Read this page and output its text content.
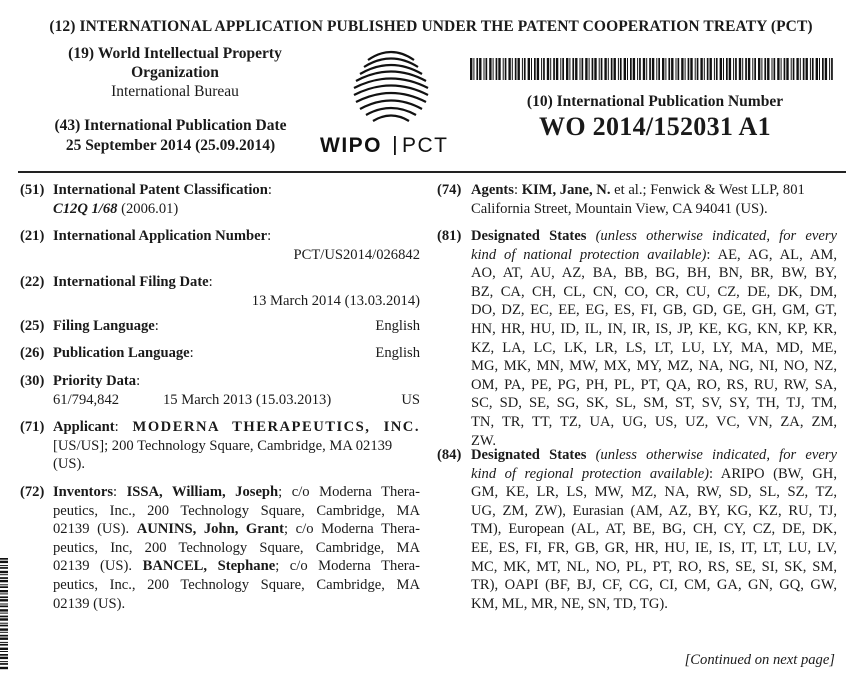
(12) INTERNATIONAL APPLICATION PUBLISHED UNDER THE PATENT COOPERATION TREATY (PCT)
(19) World Intellectual Property
Organization
International Bureau
(43) International Publication Date
25 September 2014 (25.09.2014)	WIPO PCT
(10) International Publication Number
WO 2014/152031 A1
(51) International Patent Classification:
C12Q 1/68 (2006.01)
(21) International Application Number:
PCT/US2014/026842
(22) International Filing Date:
13 March 2014 (13.03.2014)
(25) Filing Language:	English
(26) Publication Language:	English
(30) Priority Data:
61/794,842	15 March 2013 (15.03.2013)	US
(71) Applicant : MODERNA THERAPEUTICS, INC.
[US/US]; 200 Technology Square, Cambridge, MA 02139
(US).
(72) Inventors: ISSA, William, Joseph; c/o Moderna Thera-
peutics, Inc., 200 Technology Square, Cambridge, MA
02139 (US). AUNINS, John, Grant; c/o Moderna Thera-
peutics, Inc, 200 Technology Square, Cambridge, MA
02139 (US). BANCEL, Stephane; c/o Moderna Thera-
peutics, Inc., 200 Technology Square, Cambridge, MA
02139 (US).
(74) Agents: KIM, Jane, N. et al.; Fenwick & West LLP, 801
California Street, Mountain View, CA 94041 (US).
(81) Designated States (unless otherwise indicated, for every
kind of national protection available): AE, AG, AL, AM,
AO, AT, AU, AZ, BA, BB, BG, BH, BN, BR, BW, BY,
BZ, CA, CH, CL, CN, CO, CR, CU, CZ, DE, DK, DM,
DO, DZ, EC, EE, EG, ES, FI, GB, GD, GE, GH, GM, GT,
HN, HR, HU, ID, IL, IN, IR, IS, JP, KE, KG, KN, KP, KR,
KZ, LA, LC, LK, LR, LS, LT, LU, LY, MA, MD, ME,
MG, MK, MN, MW, MX, MY, MZ, NA, NG, NI, NO, NZ,
OM, PA, PE, PG, PH, PL, PT, QA, RO, RS, RU, RW, SA,
SC, SD, SE, SG, SK, SL, SM, ST, SV, SY, TH, TJ, TM,
TN, TR, TT, TZ, UA, UG, US, UZ, VC, VN, ZA, ZM,
ZW.
(84) Designated States (unless otherwise indicated, for every
kind of regional protection available): ARIPO (BW, GH,
GM, KE, LR, LS, MW, MZ, NA, RW, SD, SL, SZ, TZ,
UG, ZM, ZW), Eurasian (AM, AZ, BY, KG, KZ, RU, TJ,
TM), European (AL, AT, BE, BG, CH, CY, CZ, DE, DK,
EE, ES, FI, FR, GB, GR, HR, HU, IE, IS, IT, LT, LU, LV,
MC, MK, MT, NL, NO, PL, PT, RO, RS, SE, SI, SK, SM,
TR), OAPI (BF, BJ, CF, CG, CI, CM, GA, GN, GQ, GW,
KM, ML, MR, NE, SN, TD, TG).
[Continued on next page]
